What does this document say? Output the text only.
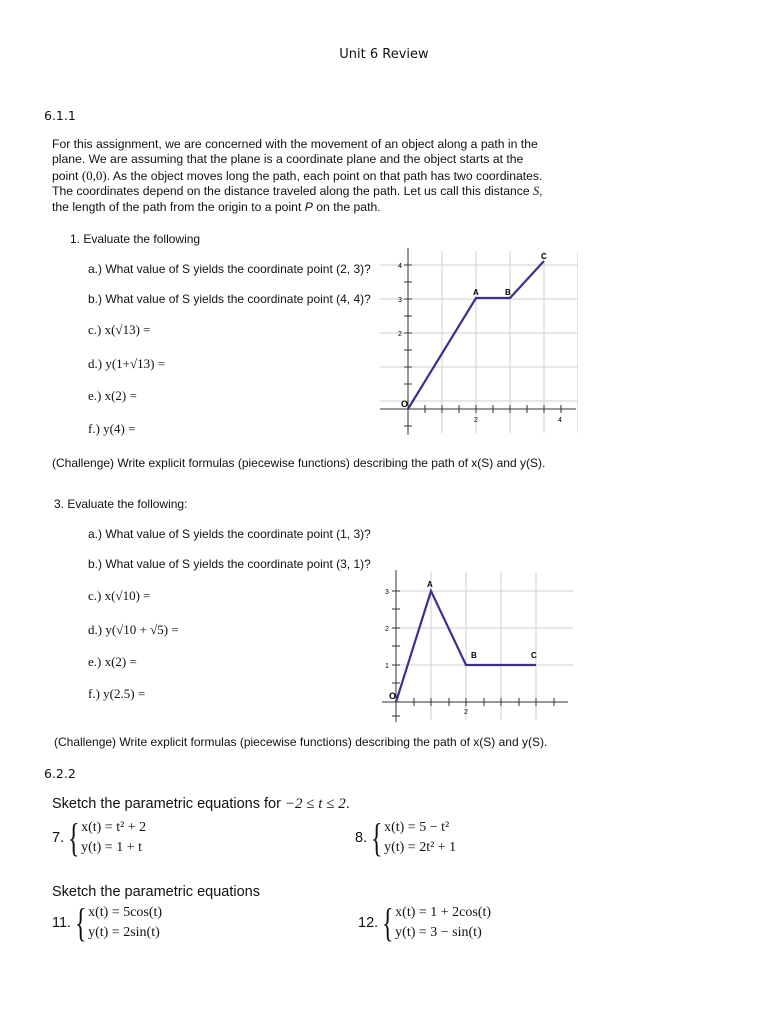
Unit 6 Review
6.1.1
For this assignment, we are concerned with the movement of an object along a path in the
plane. We are assuming that the plane is a coordinate plane and the object starts at the
point (0,0). As the object moves long the path, each point on that path has two coordinates.
The coordinates depend on the distance traveled along the path. Let us call this distance S,
the length of the path from the origin to a point P on the path.
1. Evaluate the following
a.) What value of S yields the coordinate point (2, 3)?
b.) What value of S yields the coordinate point (4, 4)?
c.) x(√13) =
d.) y(1+√13) =
e.) x(2) =
f.) y(4) =
(Challenge) Write explicit formulas (piecewise functions) describing the path of x(S) and y(S).
4
3
2
2	4
O
A	B
C
3. Evaluate the following:
a.) What value of S yields the coordinate point (1, 3)?
b.) What value of S yields the coordinate point (3, 1)?
c.) x(√10) =
d.) y(√10 + √5) =
e.) x(2) =
f.) y(2.5) =
(Challenge) Write explicit formulas (piecewise functions) describing the path of x(S) and y(S).
3
2
1
2
O
A
B	C
6.2.2
Sketch the parametric equations for −2 ≤ t ≤ 2.
7. { x(t) = t² + 2
y(t) = 1 + t
8. { x(t) = 5 − t²
y(t) = 2t² + 1
Sketch the parametric equations
11. { x(t) = 5cos(t)
y(t) = 2sin(t)
12. { x(t) = 1 + 2cos(t)
y(t) = 3 − sin(t)
